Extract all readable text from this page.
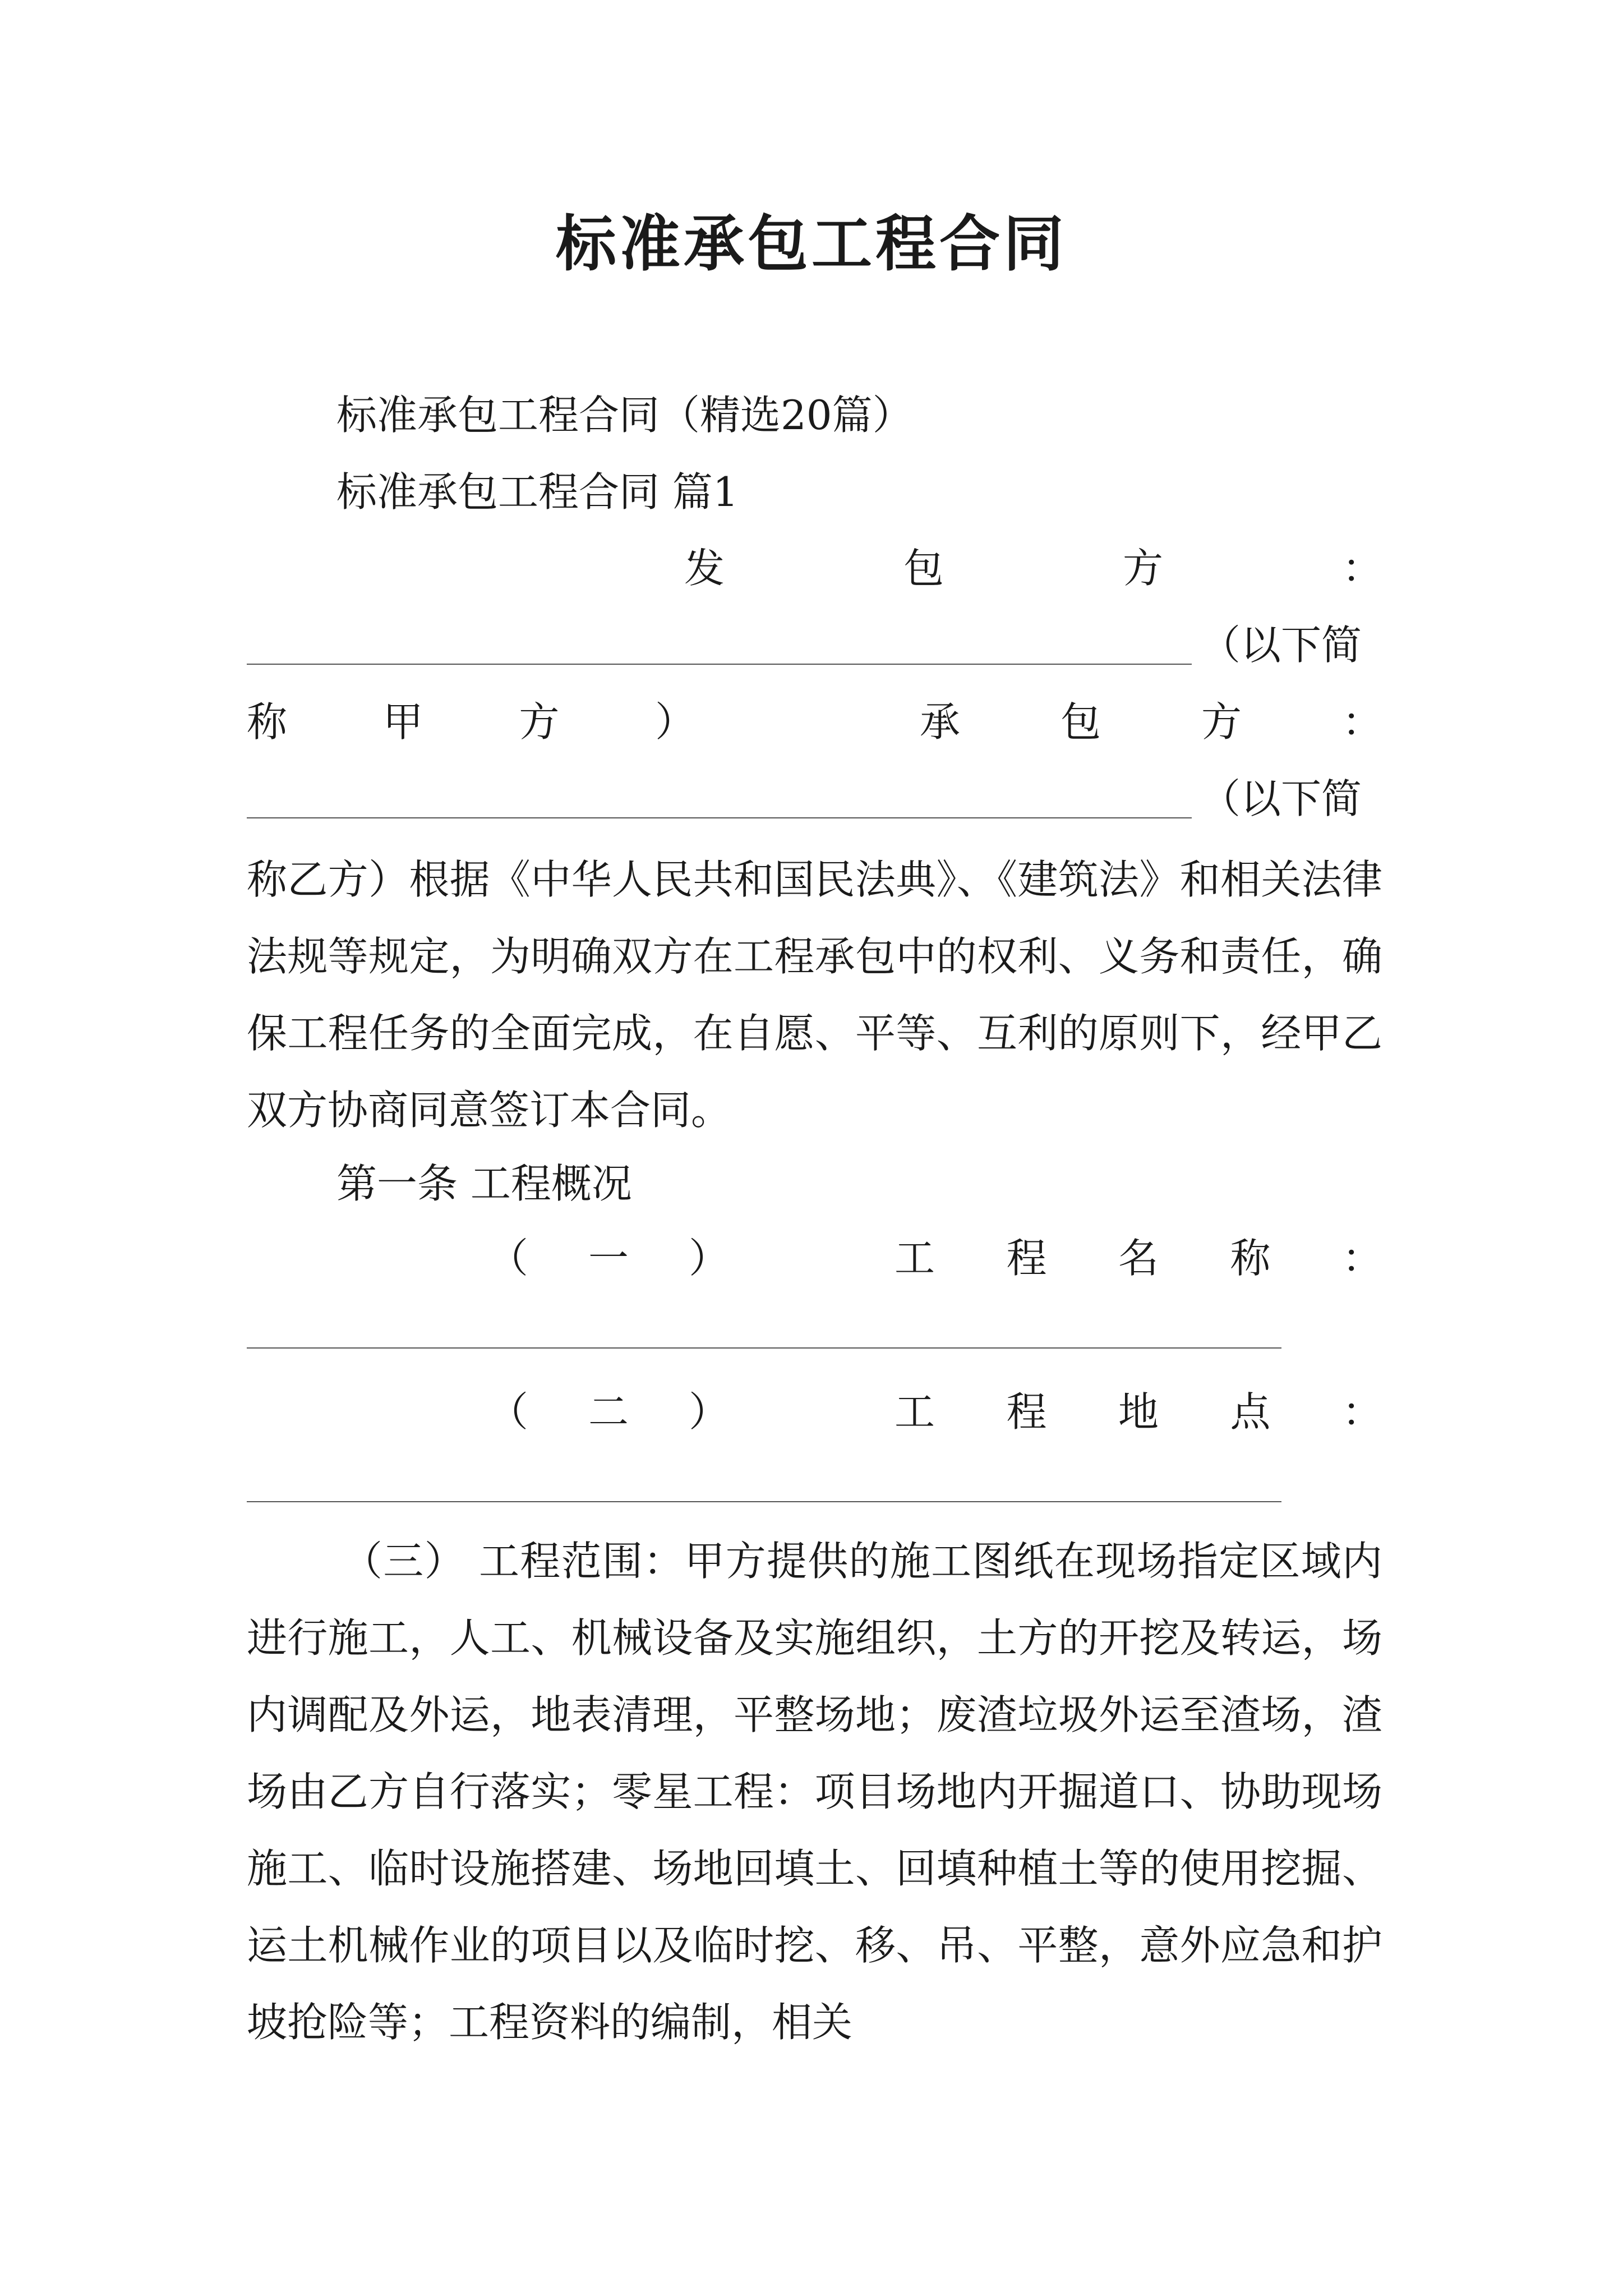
标准承包工程合同
标准承包工程合同（精选20篇）
标准承包工程合同 篇1
发	包	方	：
（以下简
称 甲 方 ）	承 包 方 ：
（以下简
称乙方）根据《中华人民共和国民法典》、《建筑法》和相关法律法规等规定，为明确双方在工程承包中的权利、义务和责任，确保工程任务的全面完成，在自愿、平等、互利的原则下，经甲乙双方协商同意签订本合同。
第一条 工程概况
（ 一 ）	工 程 名 称 ：
（ 二 ）	工 程 地 点 ：
（三） 工程范围：甲方提供的施工图纸在现场指定区域内进行施工，人工、机械设备及实施组织，土方的开挖及转运，场内调配及外运，地表清理，平整场地；废渣垃圾外运至渣场，渣场由乙方自行落实；零星工程：项目场地内开掘道口、协助现场施工、临时设施搭建、场地回填土、回填种植土等的使用挖掘、运土机械作业的项目以及临时挖、移、吊、平整，意外应急和护坡抢险等；工程资料的编制，相关
